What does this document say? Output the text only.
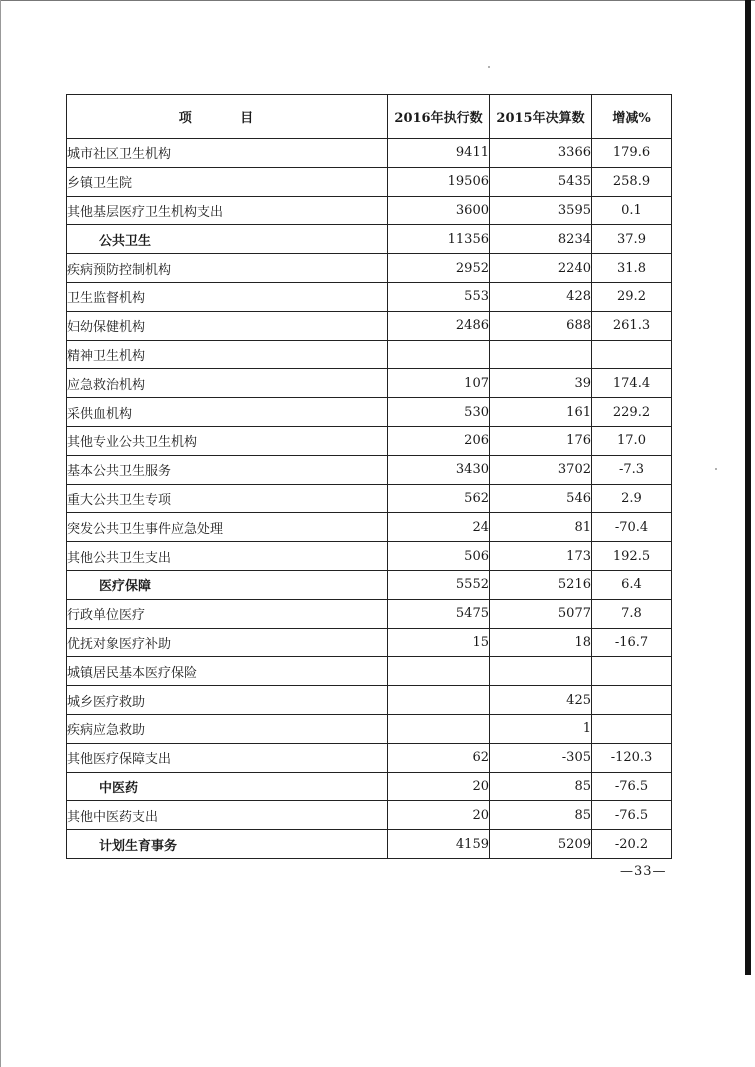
项 目	2016年执行数	2015年决算数	增减%
城市社区卫生机构	9411	3366	179.6
乡镇卫生院	19506	5435	258.9
其他基层医疗卫生机构支出	3600	3595	0.1
公共卫生	11356	8234	37.9
疾病预防控制机构	2952	2240	31.8
卫生监督机构	553	428	29.2
妇幼保健机构	2486	688	261.3
精神卫生机构			
应急救治机构	107	39	174.4
采供血机构	530	161	229.2
其他专业公共卫生机构	206	176	17.0
基本公共卫生服务	3430	3702	-7.3
重大公共卫生专项	562	546	2.9
突发公共卫生事件应急处理	24	81	-70.4
其他公共卫生支出	506	173	192.5
医疗保障	5552	5216	6.4
行政单位医疗	5475	5077	7.8
优抚对象医疗补助	15	18	-16.7
城镇居民基本医疗保险			
城乡医疗救助		425	
疾病应急救助		1	
其他医疗保障支出	62	-305	-120.3
中医药	20	85	-76.5
其他中医药支出	20	85	-76.5
计划生育事务	4159	5209	-20.2
—33—
